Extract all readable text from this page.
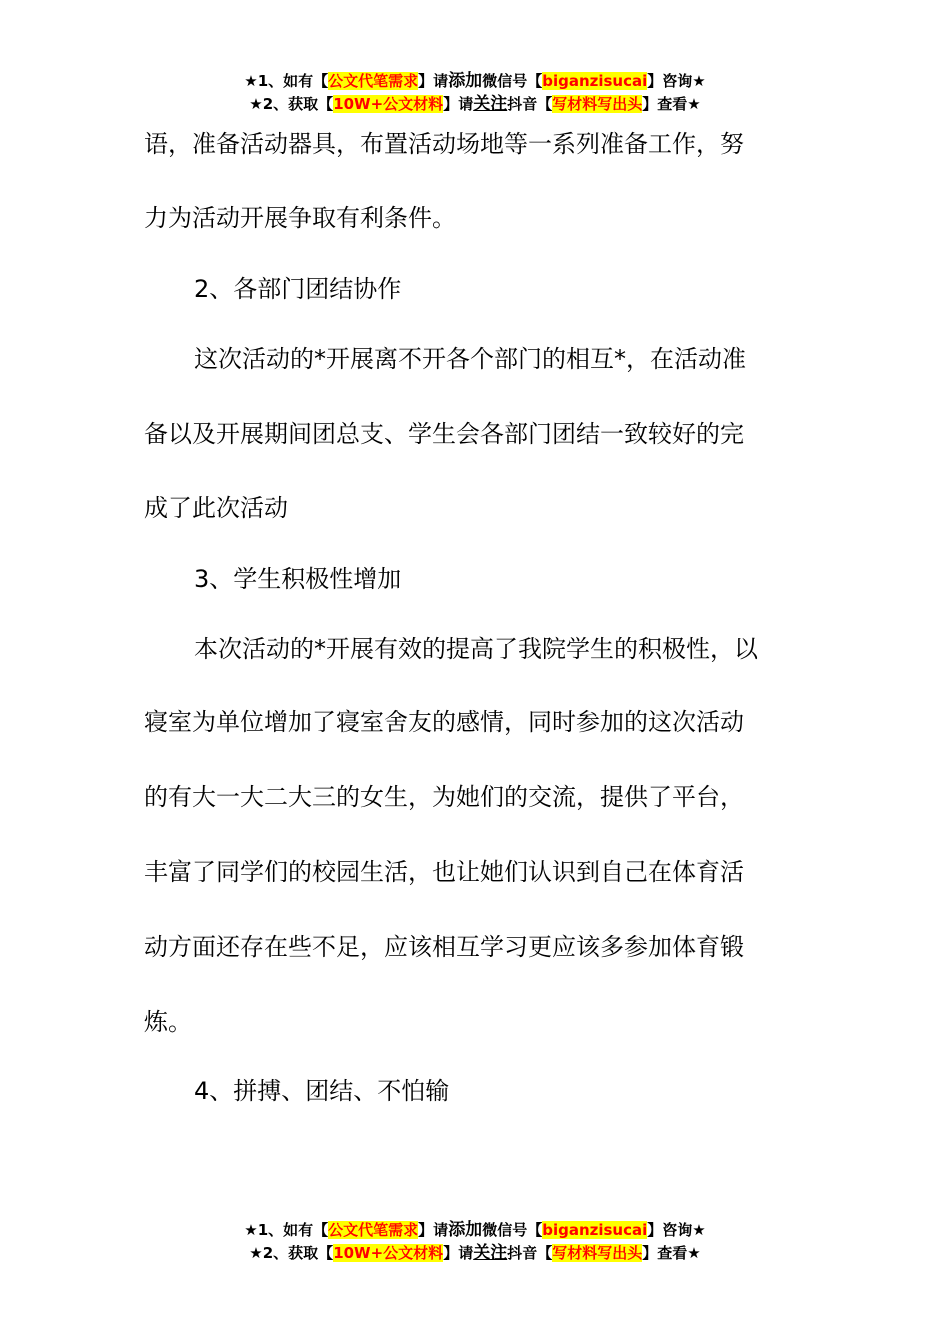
★1、如有【公文代笔需求】请添加微信号【biganzisucai】咨询★
★2、获取【10W+公文材料】请关注抖音【写材料写出头】查看★
语，准备活动器具，布置活动场地等一系列准备工作，努
力为活动开展争取有利条件。
2、各部门团结协作
这次活动的*开展离不开各个部门的相互*，在活动准
备以及开展期间团总支、学生会各部门团结一致较好的完
成了此次活动
3、学生积极性增加
本次活动的*开展有效的提高了我院学生的积极性，以
寝室为单位增加了寝室舍友的感情，同时参加的这次活动
的有大一大二大三的女生，为她们的交流，提供了平台，
丰富了同学们的校园生活，也让她们认识到自己在体育活
动方面还存在些不足，应该相互学习更应该多参加体育锻
炼。
4、拼搏、团结、不怕输
★1、如有【公文代笔需求】请添加微信号【biganzisucai】咨询★
★2、获取【10W+公文材料】请关注抖音【写材料写出头】查看★
